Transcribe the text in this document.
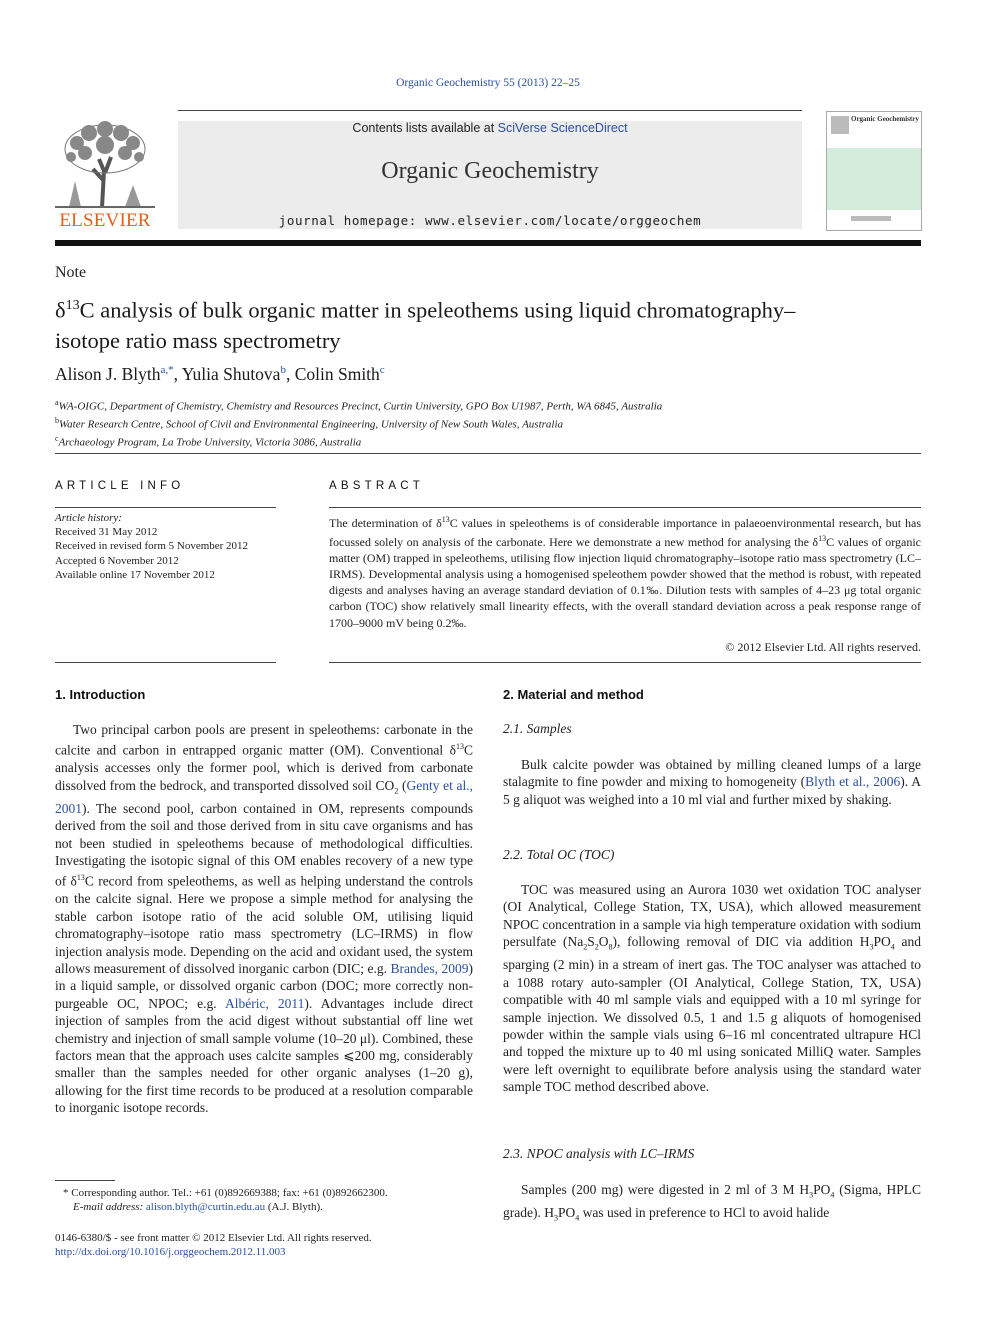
Organic Geochemistry 55 (2013) 22–25
ELSEVIER
Contents lists available at SciVerse ScienceDirect
Organic Geochemistry
journal homepage: www.elsevier.com/locate/orggeochem
Organic Geochemistry
Note
$\delta^{13}C$ analysis of bulk organic matter in speleothems using liquid chromatography–isotope ratio mass spectrometry
Alison J. Blyth$^{a,*}$, Yulia Shutova$^b$, Colin Smith$^c$
$^a$WA-OIGC, Department of Chemistry, Chemistry and Resources Precinct, Curtin University, GPO Box U1987, Perth, WA 6845, Australia
$^b$Water Research Centre, School of Civil and Environmental Engineering, University of New South Wales, Australia
$^c$Archaeology Program, La Trobe University, Victoria 3086, Australia
ARTICLE INFO
Article history:
Received 31 May 2012
Received in revised form 5 November 2012
Accepted 6 November 2012
Available online 17 November 2012
ABSTRACT
The determination of $\delta^{13}C$ values in speleothems is of considerable importance in palaeoenvironmental research, but has focussed solely on analysis of the carbonate. Here we demonstrate a new method for analysing the $\delta^{13}C$ values of organic matter (OM) trapped in speleothems, utilising flow injection liquid chromatography–isotope ratio mass spectrometry (LC–IRMS). Developmental analysis using a homogenised speleothem powder showed that the method is robust, with repeated digests and analyses having an average standard deviation of 0.1‰. Dilution tests with samples of 4–23 μg total organic carbon (TOC) show relatively small linearity effects, with the overall standard deviation across a peak response range of 1700–9000 mV being 0.2‰.
© 2012 Elsevier Ltd. All rights reserved.
1. Introduction

Two principal carbon pools are present in speleothems: carbonate in the calcite and carbon in entrapped organic matter (OM). Conventional $\delta^{13}C$ analysis accesses only the former pool, which is derived from carbonate dissolved from the bedrock, and transported dissolved soil $CO_2$ (Genty et al., 2001). The second pool, carbon contained in OM, represents compounds derived from the soil and those derived from in situ cave organisms and has not been studied in speleothems because of methodological difficulties. Investigating the isotopic signal of this OM enables recovery of a new type of $\delta^{13}C$ record from speleothems, as well as helping understand the controls on the calcite signal. Here we propose a simple method for analysing the stable carbon isotope ratio of the acid soluble OM, utilising liquid chromatography–isotope ratio mass spectrometry (LC–IRMS) in flow injection analysis mode. Depending on the acid and oxidant used, the system allows measurement of dissolved inorganic carbon (DIC; e.g. Brandes, 2009) in a liquid sample, or dissolved organic carbon (DOC; more correctly non-purgeable OC, NPOC; e.g. Albéric, 2011). Advantages include direct injection of samples from the acid digest without substantial off line wet chemistry and injection of small sample volume (10–20 μl). Combined, these factors mean that the approach uses calcite samples ⩽200 mg, considerably smaller than the samples needed for other organic analyses (1–20 g), allowing for the first time records to be produced at a resolution comparable to inorganic isotope records.

2. Material and method
2.1. Samples

Bulk calcite powder was obtained by milling cleaned lumps of a large stalagmite to fine powder and mixing to homogeneity (Blyth et al., 2006). A 5 g aliquot was weighed into a 10 ml vial and further mixed by shaking.

2.2. Total OC (TOC)

TOC was measured using an Aurora 1030 wet oxidation TOC analyser (OI Analytical, College Station, TX, USA), which allowed measurement NPOC concentration in a sample via high temperature oxidation with sodium persulfate $(Na_2S_2O_8)$, following removal of DIC via addition $H_3PO_4$ and sparging (2 min) in a stream of inert gas. The TOC analyser was attached to a 1088 rotary auto-sampler (OI Analytical, College Station, TX, USA) compatible with 40 ml sample vials and equipped with a 10 ml syringe for sample injection. We dissolved 0.5, 1 and 1.5 g aliquots of homogenised powder within the sample vials using 6–16 ml concentrated ultrapure HCl and topped the mixture up to 40 ml using sonicated MilliQ water. Samples were left overnight to equilibrate before analysis using the standard water sample TOC method described above.

2.3. NPOC analysis with LC–IRMS

Samples (200 mg) were digested in 2 ml of 3 M $H_3PO_4$ (Sigma, HPLC grade). $H_3PO_4$ was used in preference to HCl to avoid halide

* Corresponding author. Tel.: +61 (0)892669388; fax: +61 (0)892662300.
E-mail address: alison.blyth@curtin.edu.au (A.J. Blyth).
0146-6380/$ - see front matter © 2012 Elsevier Ltd. All rights reserved.
http://dx.doi.org/10.1016/j.orggeochem.2012.11.003
